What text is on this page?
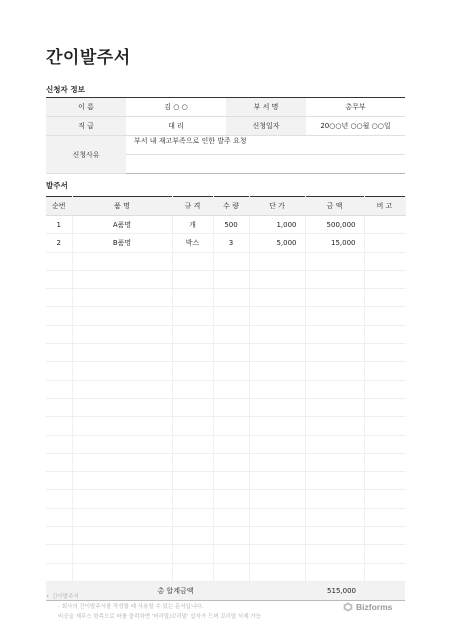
간이발주서
신청자 정보
이 름	김 ○ ○	부 서 명	총무부
직 급	대 리	신청일자	20○○년 ○○월 ○○일
신청사유	부서 내 재고부족으로 인한 발주 요청		

발주서
순번	품 명	규 격	수 량	단 가	금 액	비 고
1	A품명	개	500	1,000	500,000	
2	B품명	박스	3	5,000	15,000	

총 합계금액					515,000	
• 간이발주서
- 회사의 간이발주서를 작성할 때 사용할 수 있는 문서입니다.
비공을 재무스 항목으로 바를 클릭하면 '머리말/꼬리말' 삽자가 드며 꼬리말 삭제 가능
Bizforms
